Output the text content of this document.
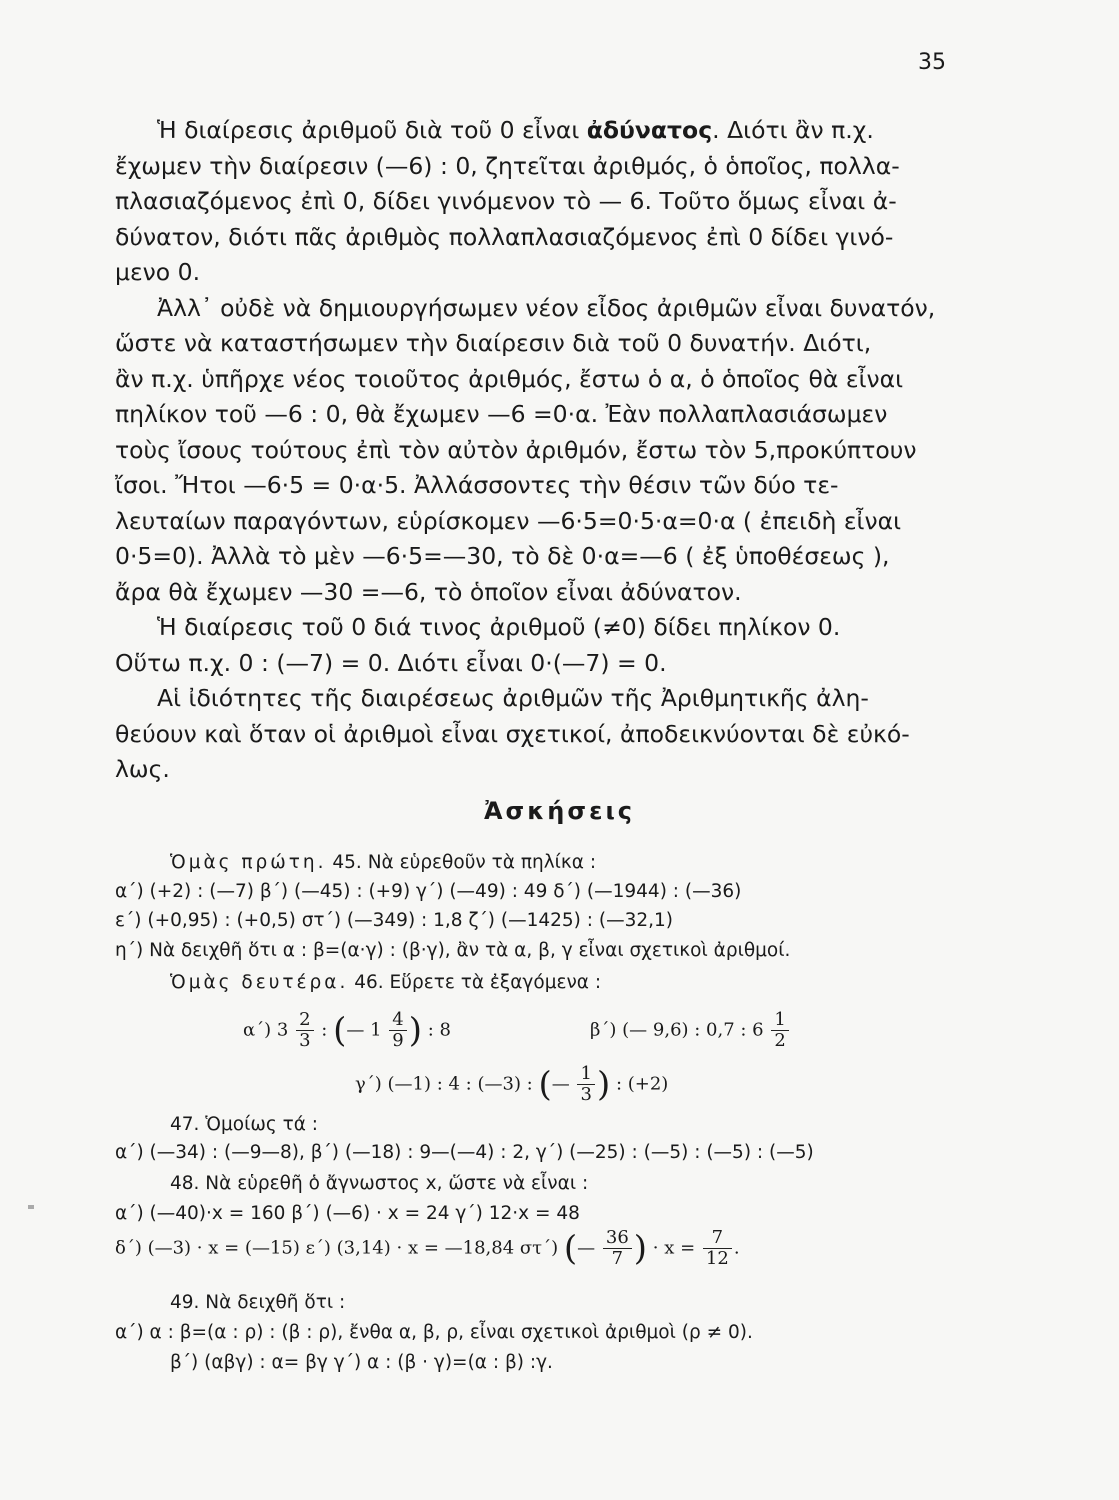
35
Ἡ διαίρεσις ἀριθμοῦ διὰ τοῦ 0 εἶναι ἀδύνατος. Διότι ἂν π.χ.
ἔχωμεν τὴν διαίρεσιν (—6) : 0, ζητεῖται ἀριθμός, ὁ ὁποῖος, πολλα-
πλασιαζόμενος ἐπὶ 0, δίδει γινόμενον τὸ — 6. Τοῦτο ὅμως εἶναι ἀ-
δύνατον, διότι πᾶς ἀριθμὸς πολλαπλασιαζόμενος ἐπὶ 0 δίδει γινό-
μενο 0.
Ἀλλ᾽ οὐδὲ νὰ δημιουργήσωμεν νέον εἶδος ἀριθμῶν εἶναι δυνατόν,
ὥστε νὰ καταστήσωμεν τὴν διαίρεσιν διὰ τοῦ 0 δυνατήν. Διότι,
ἂν π.χ. ὑπῆρχε νέος τοιοῦτος ἀριθμός, ἔστω ὁ α, ὁ ὁποῖος θὰ εἶναι
πηλίκον τοῦ —6 : 0, θὰ ἔχωμεν —6 =0·α. Ἐὰν πολλαπλασιάσωμεν
τοὺς ἴσους τούτους ἐπὶ τὸν αὐτὸν ἀριθμόν, ἔστω τὸν 5,προκύπτουν
ἴσοι. Ἤτοι —6·5 = 0·α·5. Ἀλλάσσοντες τὴν θέσιν τῶν δύο τε-
λευταίων παραγόντων, εὑρίσκομεν —6·5=0·5·α=0·α ( ἐπειδὴ εἶναι
0·5=0). Ἀλλὰ τὸ μὲν —6·5=—30, τὸ δὲ 0·α=—6 ( ἐξ ὑποθέσεως ),
ἄρα θὰ ἔχωμεν —30 =—6, τὸ ὁποῖον εἶναι ἀδύνατον.
Ἡ διαίρεσις τοῦ 0 διά τινος ἀριθμοῦ (≠0) δίδει πηλίκον 0.
Οὕτω π.χ. 0 : (—7) = 0. Διότι εἶναι 0·(—7) = 0.
Αἱ ἰδιότητες τῆς διαιρέσεως ἀριθμῶν τῆς Ἀριθμητικῆς ἀλη-
θεύουν καὶ ὅταν οἱ ἀριθμοὶ εἶναι σχετικοί, ἀποδεικνύονται δὲ εὐκό-
λως.
Ἀσκήσεις
Ὁμὰς πρώτη. 45. Νὰ εὑρεθοῦν τὰ πηλίκα :
α΄) (+2) : (—7) β΄) (—45) : (+9) γ΄) (—49) : 49 δ΄) (—1944) : (—36)
ε΄) (+0,95) : (+0,5) στ΄) (—349) : 1,8 ζ΄) (—1425) : (—32,1)
η΄) Νὰ δειχθῆ ὅτι α : β=(α·γ) : (β·γ), ἂν τὰ α, β, γ εἶναι σχετικοὶ ἀριθμοί.
Ὁμὰς δευτέρα. 46. Εὕρετε τὰ ἐξαγόμενα :
α΄) $3 \frac{2}{3}$ : (— $1 \frac{4}{9}$ ) : 8	β΄) (— 9,6) : 0,7 : $6 \frac{1}{2}$
γ΄) (—1) : 4 : (—3) : (— $\frac{1}{3}$ ) : (+2)
47. Ὁμοίως τά :
α΄) (—34) : (—9—8), β΄) (—18) : 9—(—4) : 2, γ΄) (—25) : (—5) : (—5) : (—5)
48. Νὰ εὑρεθῆ ὁ ἄγνωστος x, ὥστε νὰ εἶναι :
α΄) (—40)·x = 160 β΄) (—6) · x = 24 γ΄) 12·x = 48
δ΄) (—3) · x = (—15) ε΄) (3,14) · x = —18,84 στ΄) (— $\frac{36}{7}$ ) · $x = \frac{7}{12}$ .
49. Νὰ δειχθῆ ὅτι :
α΄) α : β=(α : ρ) : (β : ρ), ἔνθα α, β, ρ, εἶναι σχετικοὶ ἀριθμοὶ (ρ ≠ 0).
β΄) (αβγ) : α= βγ γ΄) α : (β · γ)=(α : β) :γ.
